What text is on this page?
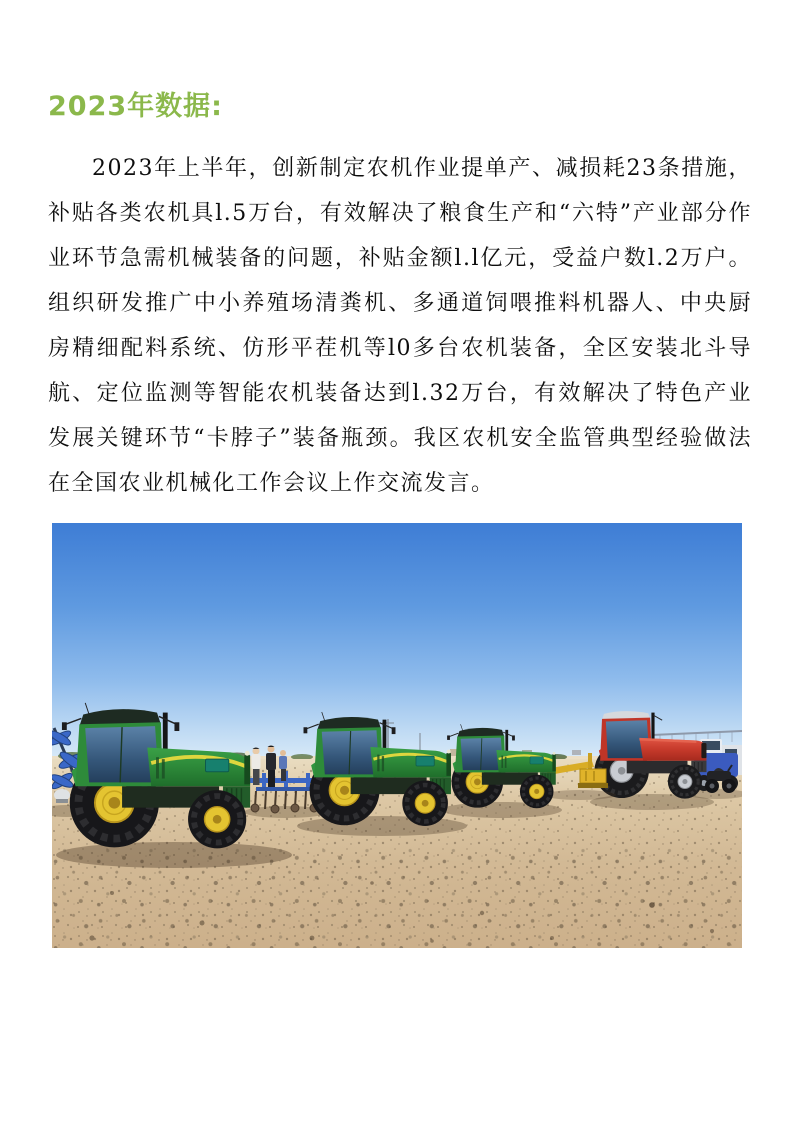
2023年数据:

2023年上半年，创新制定农机作业提单产、减损耗23条措施，补贴各类农机具l.5万台，有效解决了粮食生产和“六特”产业部分作业环节急需机械装备的问题，补贴金额l.l亿元，受益户数l.2万户。组织研发推广中小养殖场清粪机、多通道饲喂推料机器人、中央厨房精细配料系统、仿形平茬机等l0多台农机装备，全区安装北斗导航、定位监测等智能农机装备达到l.32万台，有效解决了特色产业发展关键环节“卡脖子”装备瓶颈。我区农机安全监管典型经验做法在全国农业机械化工作会议上作交流发言。
